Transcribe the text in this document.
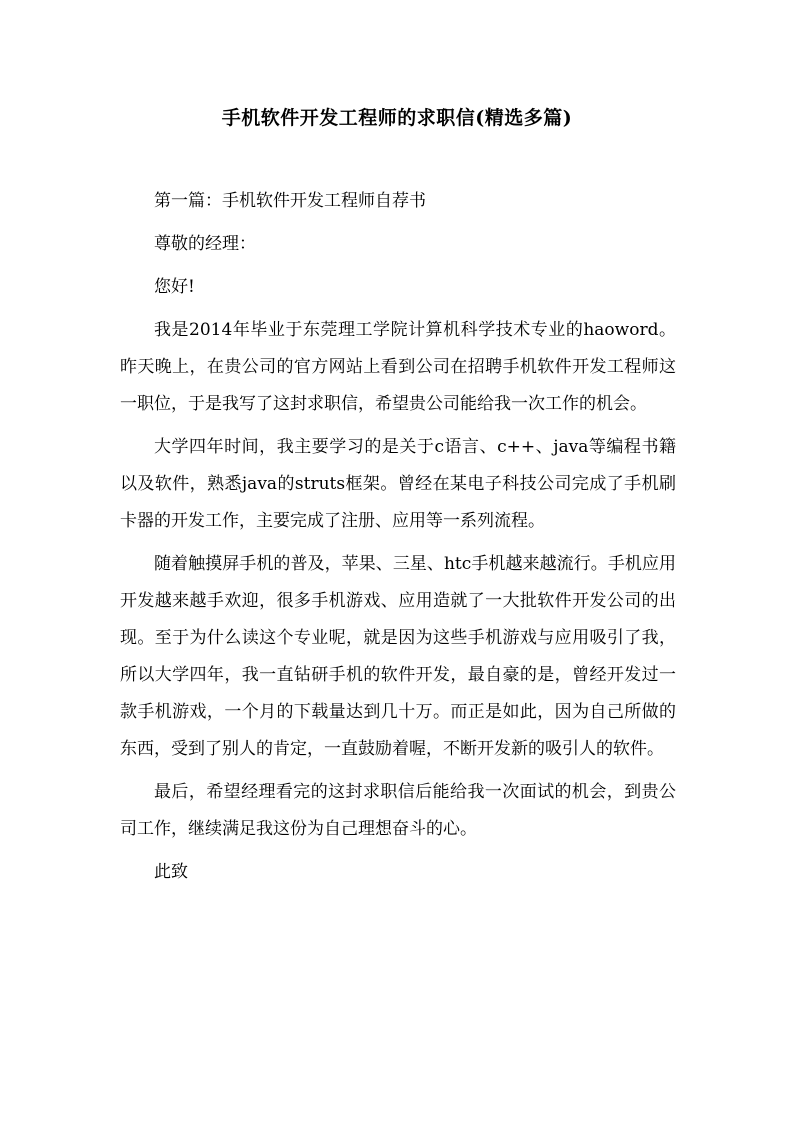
手机软件开发工程师的求职信(精选多篇)

第一篇：手机软件开发工程师自荐书

尊敬的经理：

您好!

我是2014年毕业于东莞理工学院计算机科学技术专业的haoword。昨天晚上，在贵公司的官方网站上看到公司在招聘手机软件开发工程师这一职位，于是我写了这封求职信，希望贵公司能给我一次工作的机会。

大学四年时间，我主要学习的是关于c语言、c++、java等编程书籍以及软件，熟悉java的struts框架。曾经在某电子科技公司完成了手机刷卡器的开发工作，主要完成了注册、应用等一系列流程。

随着触摸屏手机的普及，苹果、三星、htc手机越来越流行。手机应用开发越来越手欢迎，很多手机游戏、应用造就了一大批软件开发公司的出现。至于为什么读这个专业呢，就是因为这些手机游戏与应用吸引了我，所以大学四年，我一直钻研手机的软件开发，最自豪的是，曾经开发过一款手机游戏，一个月的下载量达到几十万。而正是如此，因为自己所做的东西，受到了别人的肯定，一直鼓励着喔，不断开发新的吸引人的软件。

最后，希望经理看完的这封求职信后能给我一次面试的机会，到贵公司工作，继续满足我这份为自己理想奋斗的心。

此致
